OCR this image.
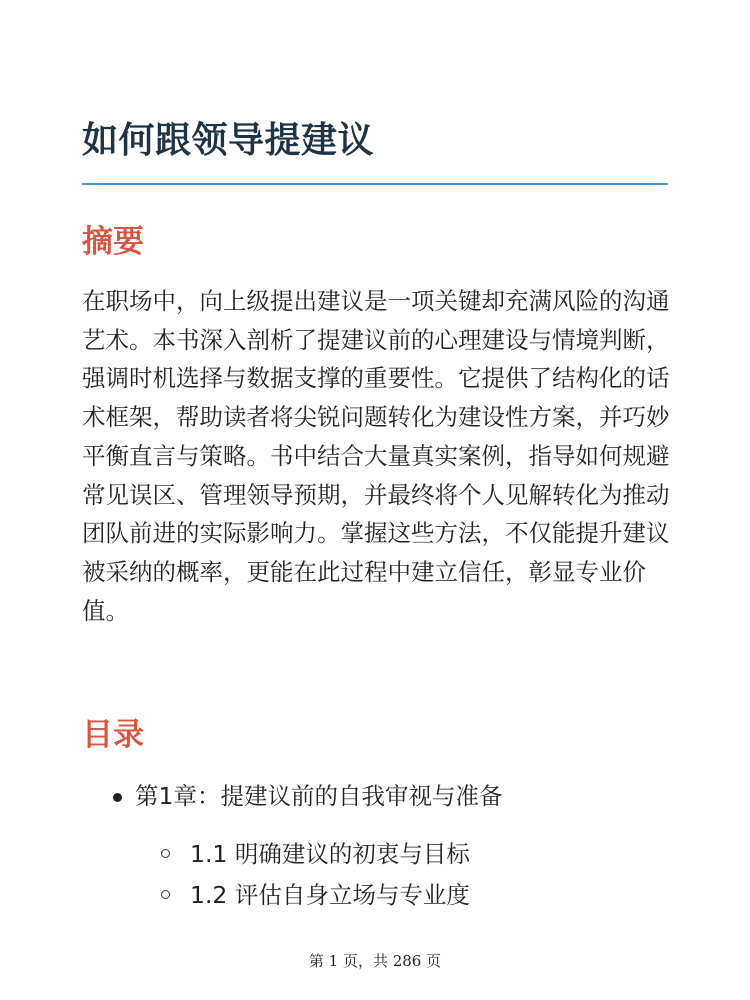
如何跟领导提建议
摘要

在职场中，向上级提出建议是一项关键却充满风险的沟通艺术。本书深入剖析了提建议前的心理建设与情境判断，强调时机选择与数据支撑的重要性。它提供了结构化的话术框架，帮助读者将尖锐问题转化为建设性方案，并巧妙平衡直言与策略。书中结合大量真实案例，指导如何规避常见误区、管理领导预期，并最终将个人见解转化为推动团队前进的实际影响力。掌握这些方法，不仅能提升建议被采纳的概率，更能在此过程中建立信任，彰显专业价值。

目录
第1章：提建议前的自我审视与准备
1.1 明确建议的初衷与目标
1.2 评估自身立场与专业度
第 1 页，共 286 页
